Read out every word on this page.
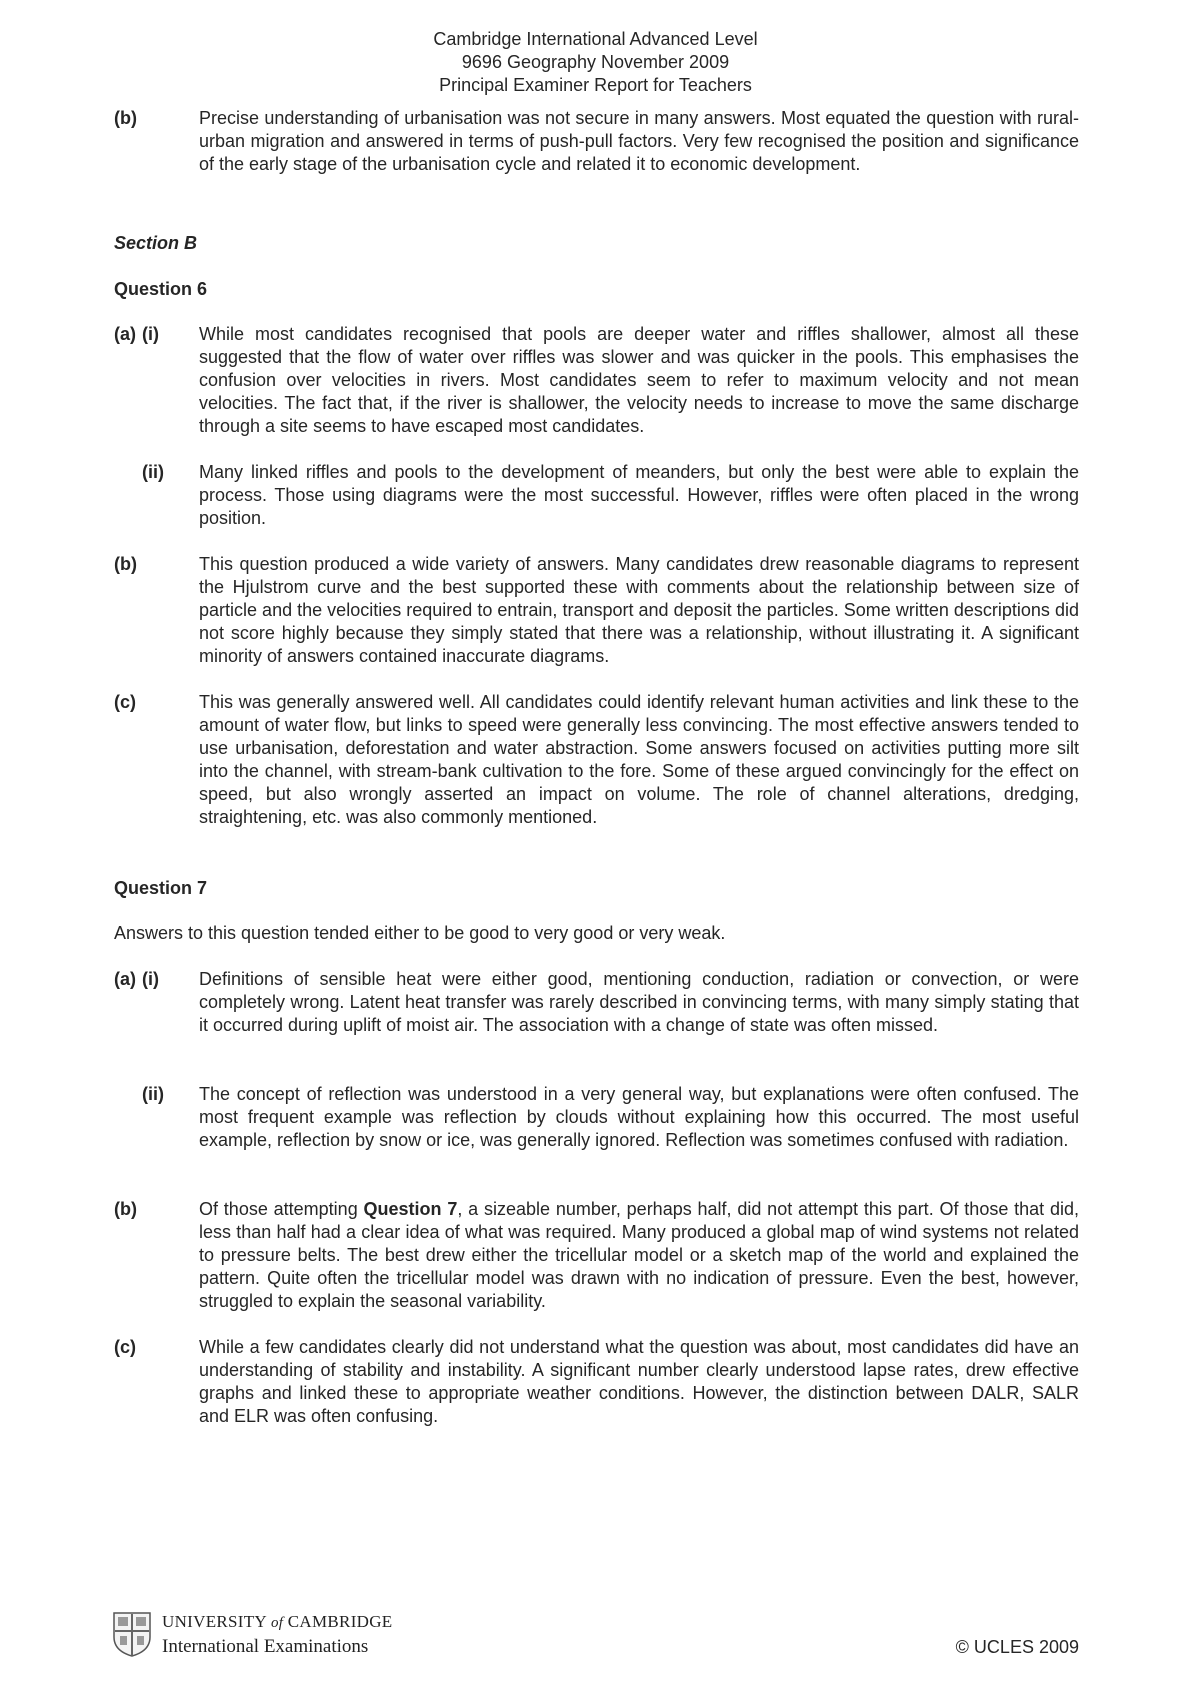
Cambridge International Advanced Level
9696 Geography November 2009
Principal Examiner Report for Teachers
(b)	Precise understanding of urbanisation was not secure in many answers. Most equated the question with rural-urban migration and answered in terms of push-pull factors. Very few recognised the position and significance of the early stage of the urbanisation cycle and related it to economic development.
Section B
Question 6
(a) (i) While most candidates recognised that pools are deeper water and riffles shallower, almost all these suggested that the flow of water over riffles was slower and was quicker in the pools. This emphasises the confusion over velocities in rivers. Most candidates seem to refer to maximum velocity and not mean velocities. The fact that, if the river is shallower, the velocity needs to increase to move the same discharge through a site seems to have escaped most candidates.
(ii) Many linked riffles and pools to the development of meanders, but only the best were able to explain the process. Those using diagrams were the most successful. However, riffles were often placed in the wrong position.
(b)	This question produced a wide variety of answers. Many candidates drew reasonable diagrams to represent the Hjulstrom curve and the best supported these with comments about the relationship between size of particle and the velocities required to entrain, transport and deposit the particles. Some written descriptions did not score highly because they simply stated that there was a relationship, without illustrating it. A significant minority of answers contained inaccurate diagrams.
(c)	This was generally answered well. All candidates could identify relevant human activities and link these to the amount of water flow, but links to speed were generally less convincing. The most effective answers tended to use urbanisation, deforestation and water abstraction. Some answers focused on activities putting more silt into the channel, with stream-bank cultivation to the fore. Some of these argued convincingly for the effect on speed, but also wrongly asserted an impact on volume. The role of channel alterations, dredging, straightening, etc. was also commonly mentioned.
Question 7
Answers to this question tended either to be good to very good or very weak.
(a) (i) Definitions of sensible heat were either good, mentioning conduction, radiation or convection, or were completely wrong. Latent heat transfer was rarely described in convincing terms, with many simply stating that it occurred during uplift of moist air. The association with a change of state was often missed.
(ii) The concept of reflection was understood in a very general way, but explanations were often confused. The most frequent example was reflection by clouds without explaining how this occurred. The most useful example, reflection by snow or ice, was generally ignored. Reflection was sometimes confused with radiation.
(b)	Of those attempting Question 7, a sizeable number, perhaps half, did not attempt this part. Of those that did, less than half had a clear idea of what was required. Many produced a global map of wind systems not related to pressure belts. The best drew either the tricellular model or a sketch map of the world and explained the pattern. Quite often the tricellular model was drawn with no indication of pressure. Even the best, however, struggled to explain the seasonal variability.
(c)	While a few candidates clearly did not understand what the question was about, most candidates did have an understanding of stability and instability. A significant number clearly understood lapse rates, drew effective graphs and linked these to appropriate weather conditions. However, the distinction between DALR, SALR and ELR was often confusing.
UNIVERSITY of CAMBRIDGE
International Examinations	© UCLES 2009
